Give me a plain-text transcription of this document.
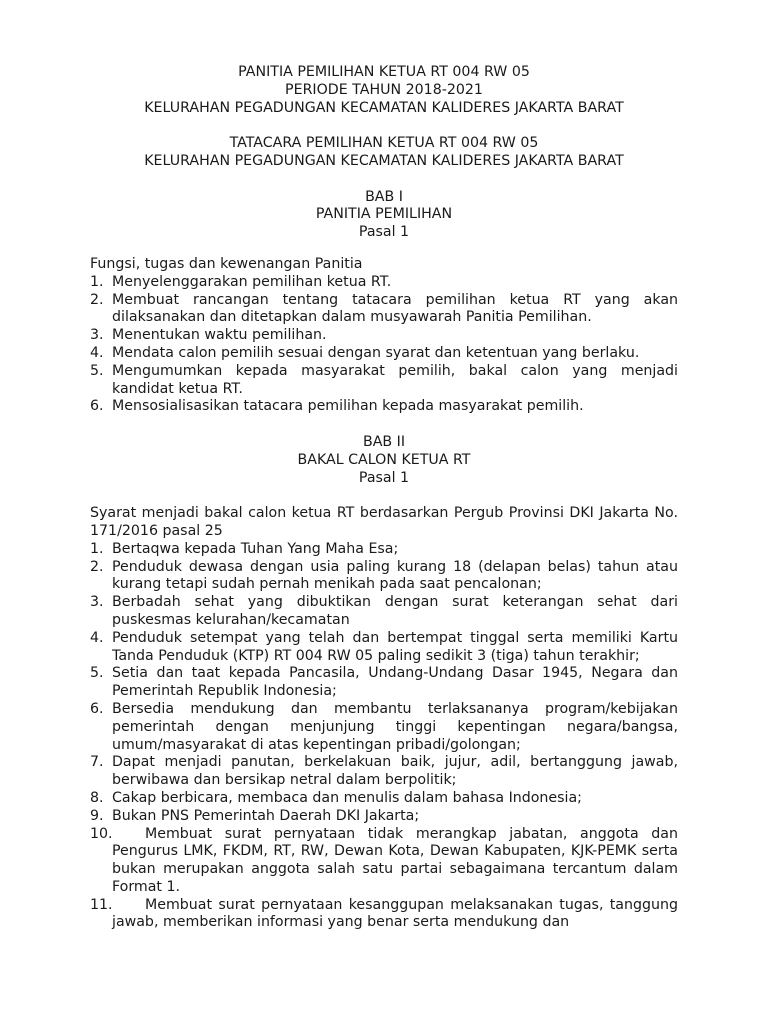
PANITIA PEMILIHAN KETUA RT 004 RW 05
PERIODE TAHUN 2018-2021
KELURAHAN PEGADUNGAN KECAMATAN KALIDERES JAKARTA BARAT
TATACARA PEMILIHAN KETUA RT 004 RW 05
KELURAHAN PEGADUNGAN KECAMATAN KALIDERES JAKARTA BARAT
BAB I
PANITIA PEMILIHAN
Pasal 1
Fungsi, tugas dan kewenangan Panitia
1. Menyelenggarakan pemilihan ketua RT.
2. Membuat rancangan tentang tatacara pemilihan ketua RT yang akan dilaksanakan dan ditetapkan dalam musyawarah Panitia Pemilihan.
3. Menentukan waktu pemilihan.
4. Mendata calon pemilih sesuai dengan syarat dan ketentuan yang berlaku.
5. Mengumumkan kepada masyarakat pemilih, bakal calon yang menjadi kandidat ketua RT.
6. Mensosialisasikan tatacara pemilihan kepada masyarakat pemilih.
BAB II
BAKAL CALON KETUA RT
Pasal 1
Syarat menjadi bakal calon ketua RT berdasarkan Pergub Provinsi DKI Jakarta No. 171/2016 pasal 25
1. Bertaqwa kepada Tuhan Yang Maha Esa;
2. Penduduk dewasa dengan usia paling kurang 18 (delapan belas) tahun atau kurang tetapi sudah pernah menikah pada saat pencalonan;
3. Berbadah sehat yang dibuktikan dengan surat keterangan sehat dari puskesmas kelurahan/kecamatan
4. Penduduk setempat yang telah dan bertempat tinggal serta memiliki Kartu Tanda Penduduk (KTP) RT 004 RW 05 paling sedikit 3 (tiga) tahun terakhir;
5. Setia dan taat kepada Pancasila, Undang-Undang Dasar 1945, Negara dan Pemerintah Republik Indonesia;
6. Bersedia mendukung dan membantu terlaksananya program/kebijakan pemerintah dengan menjunjung tinggi kepentingan negara/bangsa, umum/masyarakat di atas kepentingan pribadi/golongan;
7. Dapat menjadi panutan, berkelakuan baik, jujur, adil, bertanggung jawab, berwibawa dan bersikap netral dalam berpolitik;
8. Cakap berbicara, membaca dan menulis dalam bahasa Indonesia;
9. Bukan PNS Pemerintah Daerah DKI Jakarta;
10. Membuat surat pernyataan tidak merangkap jabatan, anggota dan Pengurus LMK, FKDM, RT, RW, Dewan Kota, Dewan Kabupaten, KJK-PEMK serta bukan merupakan anggota salah satu partai sebagaimana tercantum dalam Format 1.
11. Membuat surat pernyataan kesanggupan melaksanakan tugas, tanggung jawab, memberikan informasi yang benar serta mendukung dan
